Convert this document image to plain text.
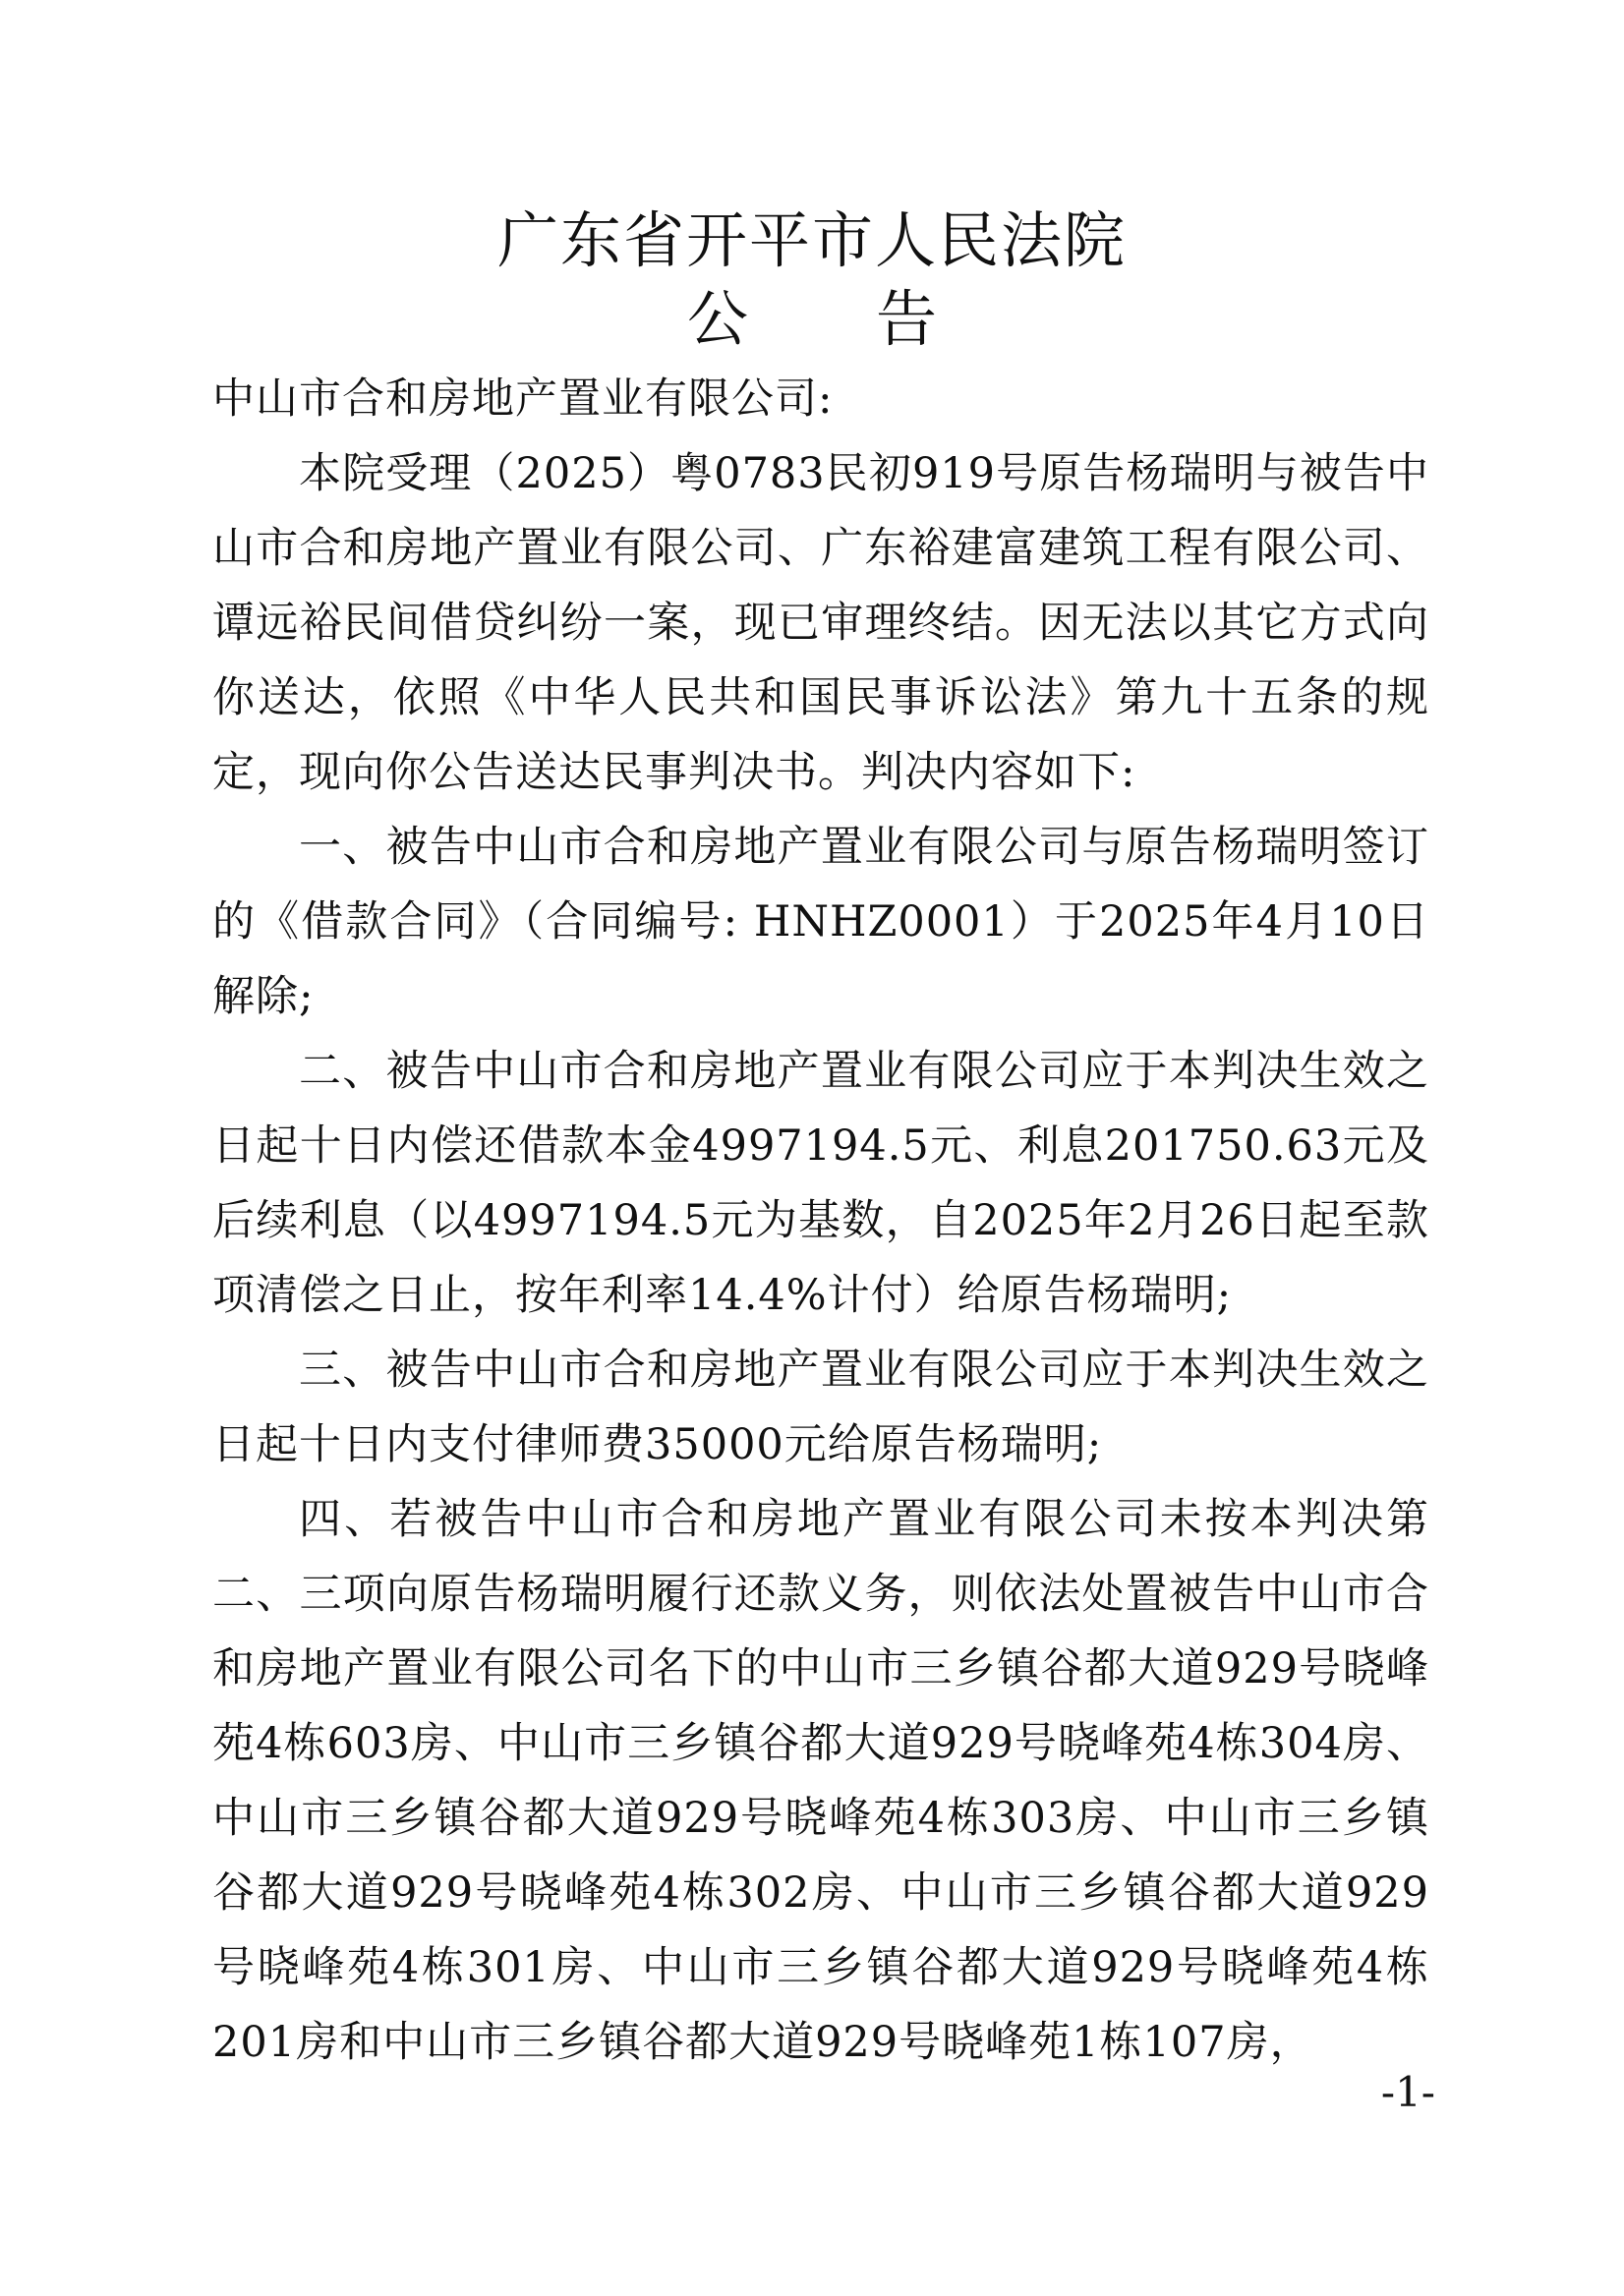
广东省开平市人民法院
公 告

中山市合和房地产置业有限公司:

本院受理（2025）粤0783民初919号原告杨瑞明与被告中山市合和房地产置业有限公司、广东裕建富建筑工程有限公司、谭远裕民间借贷纠纷一案，现已审理终结。因无法以其它方式向你送达，依照《中华人民共和国民事诉讼法》第九十五条的规定，现向你公告送达民事判决书。判决内容如下:

一、被告中山市合和房地产置业有限公司与原告杨瑞明签订的《借款合同》（合同编号: HNHZ0001）于2025年4月10日解除;

二、被告中山市合和房地产置业有限公司应于本判决生效之日起十日内偿还借款本金4997194.5元、利息201750.63元及后续利息（以4997194.5元为基数，自2025年2月26日起至款项清偿之日止，按年利率14.4%计付）给原告杨瑞明;

三、被告中山市合和房地产置业有限公司应于本判决生效之日起十日内支付律师费35000元给原告杨瑞明;

四、若被告中山市合和房地产置业有限公司未按本判决第二、三项向原告杨瑞明履行还款义务，则依法处置被告中山市合和房地产置业有限公司名下的中山市三乡镇谷都大道929号晓峰苑4栋603房、中山市三乡镇谷都大道929号晓峰苑4栋304房、中山市三乡镇谷都大道929号晓峰苑4栋303房、中山市三乡镇谷都大道929号晓峰苑4栋302房、中山市三乡镇谷都大道929号晓峰苑4栋301房、中山市三乡镇谷都大道929号晓峰苑4栋201房和中山市三乡镇谷都大道929号晓峰苑1栋107房，

-1-
